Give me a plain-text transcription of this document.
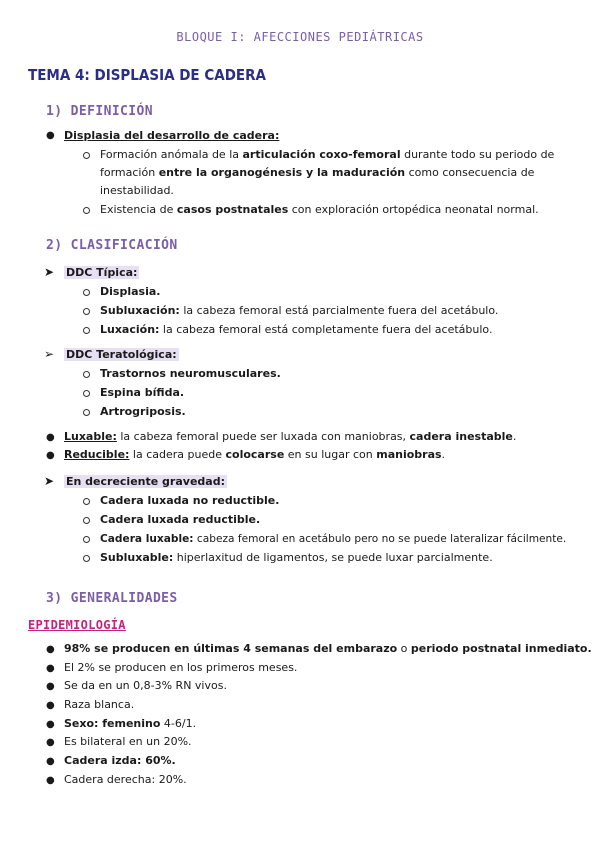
BLOQUE I: AFECCIONES PEDIÁTRICAS
TEMA 4: DISPLASIA DE CADERA
1) DEFINICIÓN
● Displasia del desarrollo de cadera:
Formación anómala de la articulación coxo-femoral durante todo su periodo de
formación entre la organogénesis y la maduración como consecuencia de
inestabilidad.
Existencia de casos postnatales con exploración ortopédica neonatal normal.
2) CLASIFICACIÓN
➤ DDC Típica:
Displasia.
Subluxación: la cabeza femoral está parcialmente fuera del acetábulo.
Luxación: la cabeza femoral está completamente fuera del acetábulo.
➢ DDC Teratológica:
Trastornos neuromusculares.
Espina bífida.
Artrogriposis.
● Luxable: la cabeza femoral puede ser luxada con maniobras, cadera inestable.
● Reducible: la cadera puede colocarse en su lugar con maniobras.
➤ En decreciente gravedad:
Cadera luxada no reductible.
Cadera luxada reductible.
Cadera luxable: cabeza femoral en acetábulo pero no se puede lateralizar fácilmente.
Subluxable: hiperlaxitud de ligamentos, se puede luxar parcialmente.
3) GENERALIDADES
EPIDEMIOLOGÍA
● 98% se producen en últimas 4 semanas del embarazo o periodo postnatal inmediato.
● El 2% se producen en los primeros meses.
● Se da en un 0,8-3% RN vivos.
● Raza blanca.
● Sexo: femenino 4-6/1.
● Es bilateral en un 20%.
● Cadera izda: 60%.
● Cadera derecha: 20%.
